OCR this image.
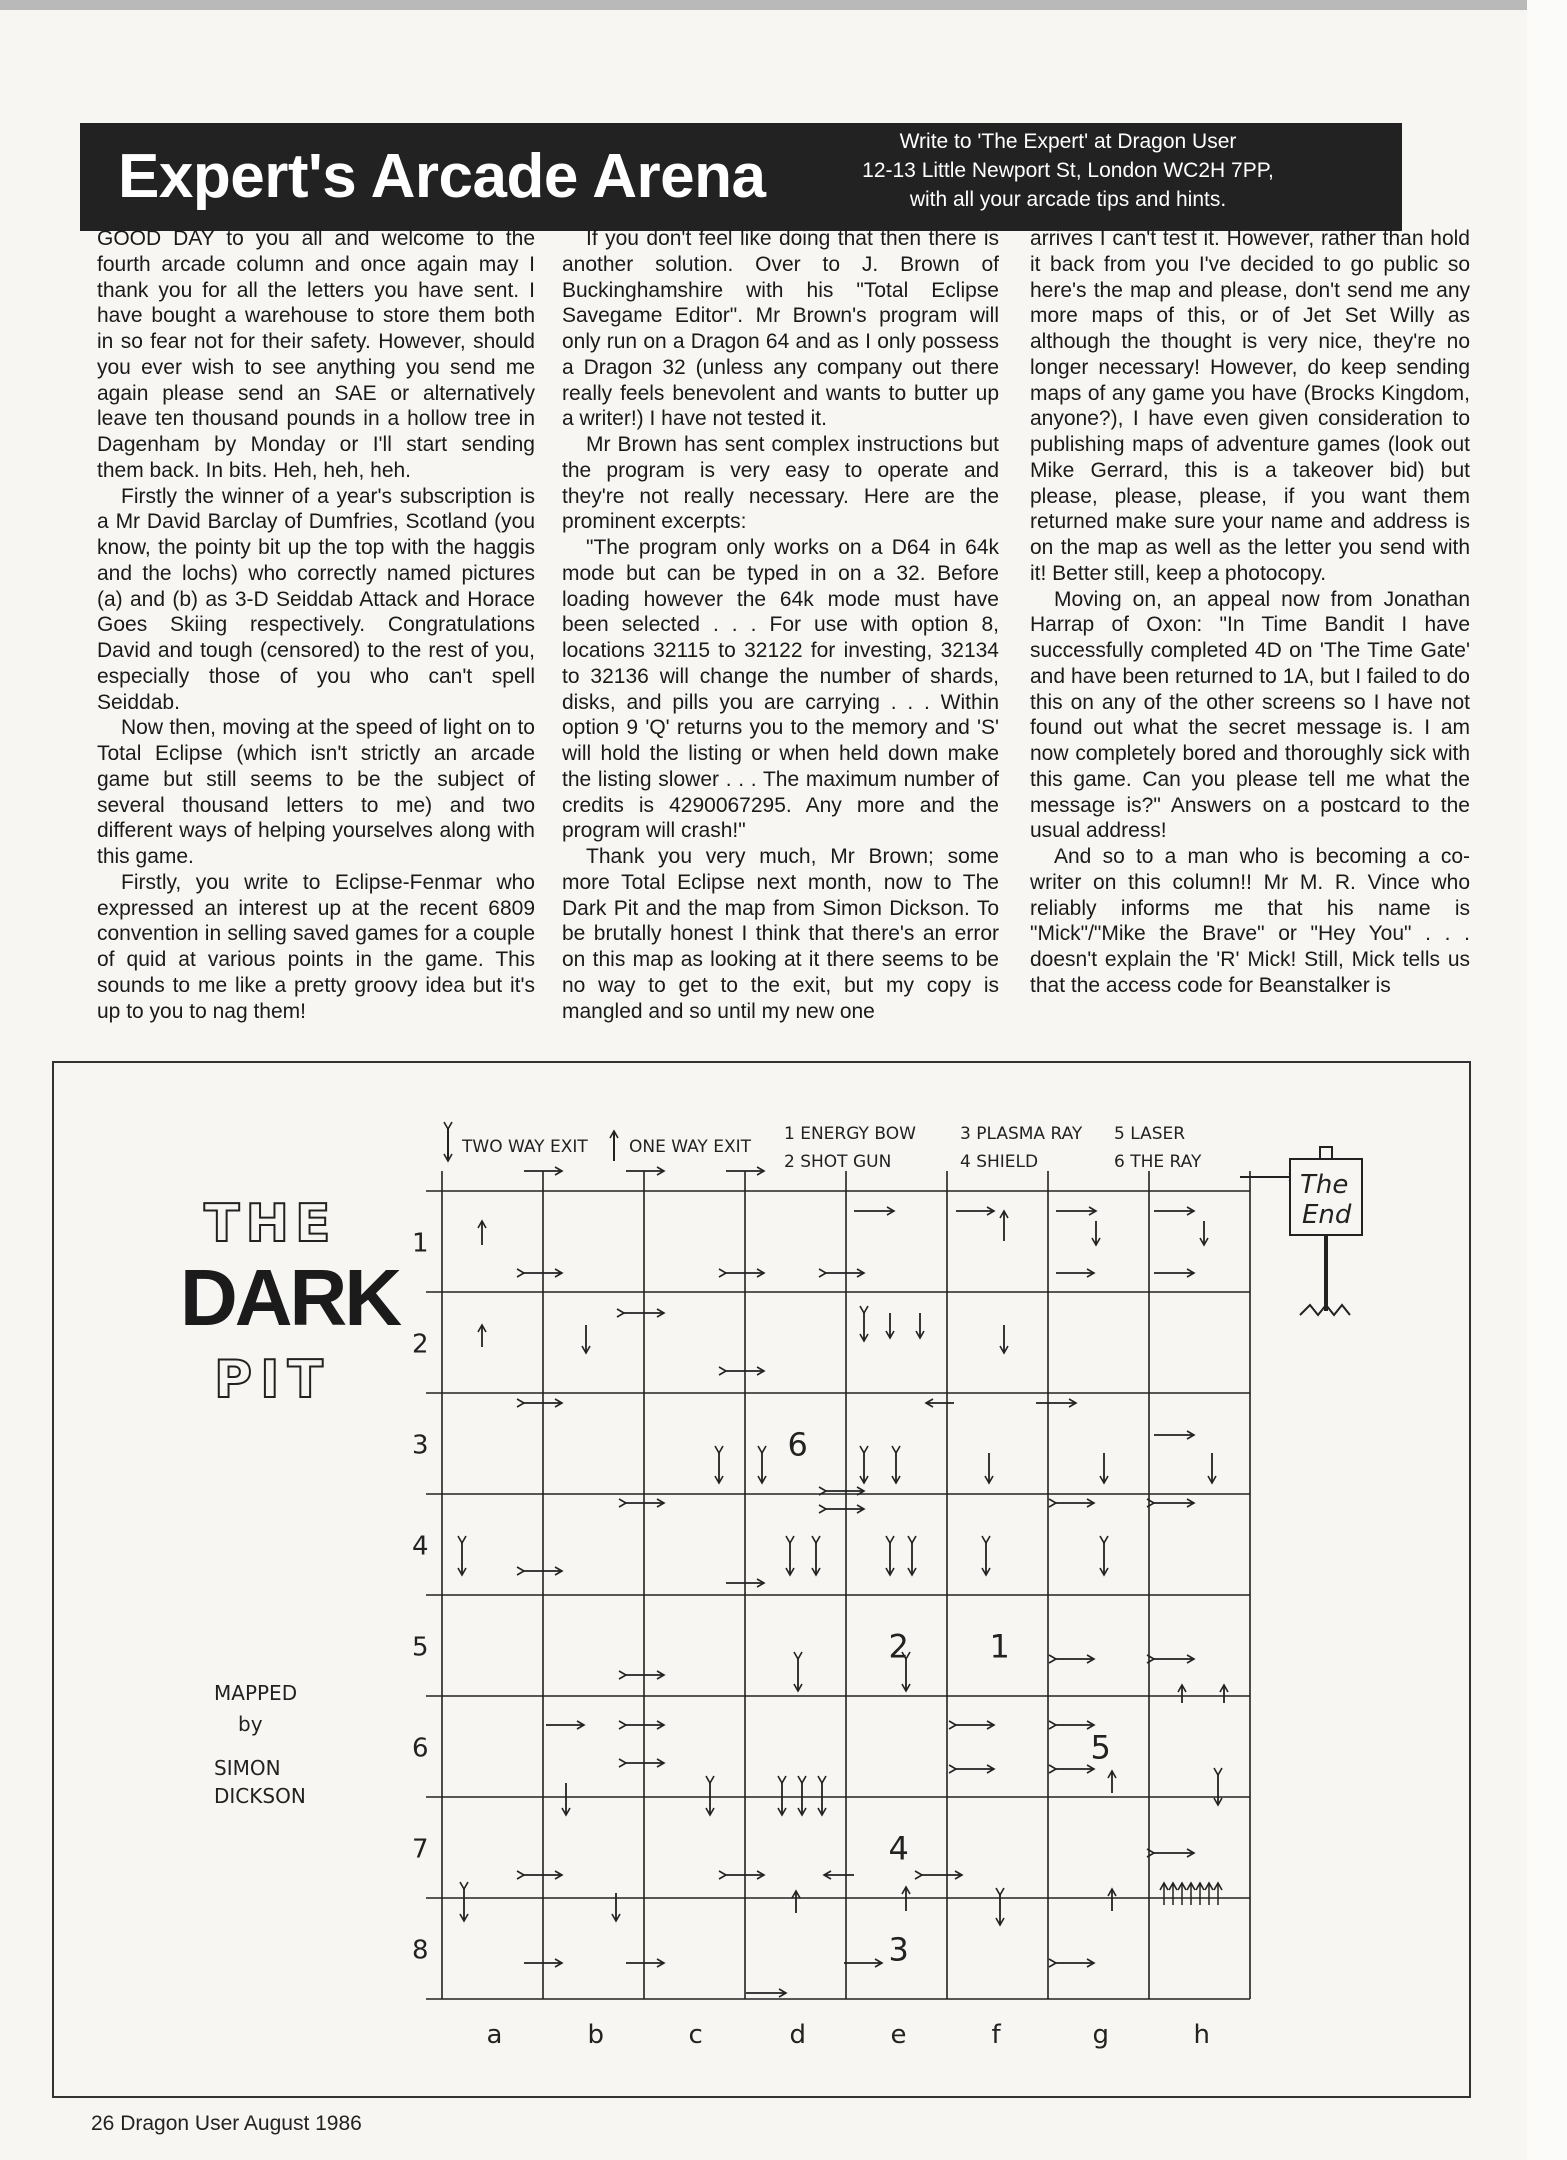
Expert's Arcade Arena
Write to 'The Expert' at Dragon User
12-13 Little Newport St, London WC2H 7PP,
with all your arcade tips and hints.

GOOD DAY to you all and welcome to the fourth arcade column and once again may I thank you for all the letters you have sent. I have bought a warehouse to store them both in so fear not for their safety. However, should you ever wish to see anything you send me again please send an SAE or alternatively leave ten thousand pounds in a hollow tree in Dagenham by Monday or I'll start sending them back. In bits. Heh, heh, heh.

Firstly the winner of a year's subscription is a Mr David Barclay of Dumfries, Scotland (you know, the pointy bit up the top with the haggis and the lochs) who correctly named pictures (a) and (b) as 3-D Seiddab Attack and Horace Goes Skiing respectively. Congratulations David and tough (censored) to the rest of you, especially those of you who can't spell Seiddab.

Now then, moving at the speed of light on to Total Eclipse (which isn't strictly an arcade game but still seems to be the subject of several thousand letters to me) and two different ways of helping yourselves along with this game.

Firstly, you write to Eclipse-Fenmar who expressed an interest up at the recent 6809 convention in selling saved games for a couple of quid at various points in the game. This sounds to me like a pretty groovy idea but it's up to you to nag them!

If you don't feel like doing that then there is another solution. Over to J. Brown of Buckinghamshire with his "Total Eclipse Savegame Editor". Mr Brown's program will only run on a Dragon 64 and as I only possess a Dragon 32 (unless any company out there really feels benevolent and wants to butter up a writer!) I have not tested it.

Mr Brown has sent complex instructions but the program is very easy to operate and they're not really necessary. Here are the prominent excerpts:

"The program only works on a D64 in 64k mode but can be typed in on a 32. Before loading however the 64k mode must have been selected . . . For use with option 8, locations 32115 to 32122 for investing, 32134 to 32136 will change the number of shards, disks, and pills you are carrying . . . Within option 9 'Q' returns you to the memory and 'S' will hold the listing or when held down make the listing slower . . . The maximum number of credits is 4290067295. Any more and the program will crash!"

Thank you very much, Mr Brown; some more Total Eclipse next month, now to The Dark Pit and the map from Simon Dickson. To be brutally honest I think that there's an error on this map as looking at it there seems to be no way to get to the exit, but my copy is mangled and so until my new one

arrives I can't test it. However, rather than hold it back from you I've decided to go public so here's the map and please, don't send me any more maps of this, or of Jet Set Willy as although the thought is very nice, they're no longer necessary! However, do keep sending maps of any game you have (Brocks Kingdom, anyone?), I have even given consideration to publishing maps of adventure games (look out Mike Gerrard, this is a takeover bid) but please, please, please, if you want them returned make sure your name and address is on the map as well as the letter you send with it! Better still, keep a photocopy.

Moving on, an appeal now from Jonathan Harrap of Oxon: "In Time Bandit I have successfully completed 4D on 'The Time Gate' and have been returned to 1A, but I failed to do this on any of the other screens so I have not found out what the secret message is. I am now completely bored and thoroughly sick with this game. Can you please tell me what the message is?" Answers on a postcard to the usual address!

And so to a man who is becoming a co-writer on this column!! Mr M. R. Vince who reliably informs me that his name is "Mick"/"Mike the Brave" or "Hey You" . . . doesn't explain the 'R' Mick! Still, Mick tells us that the access code for Beanstalker is

TWO WAY EXIT ONE WAY EXIT
1 ENERGY BOW
2 SHOT GUN
3 PLASMA RAY
4 SHIELD
5 LASER
6 THE RAY
THE
DARK
PIT
MAPPED
by
SIMON
DICKSON
a	b	c	d	e	f	g	h
1
2
3
4
5
6
7
8
6
2	1
5
4
3
The
End
26 Dragon User August 1986
